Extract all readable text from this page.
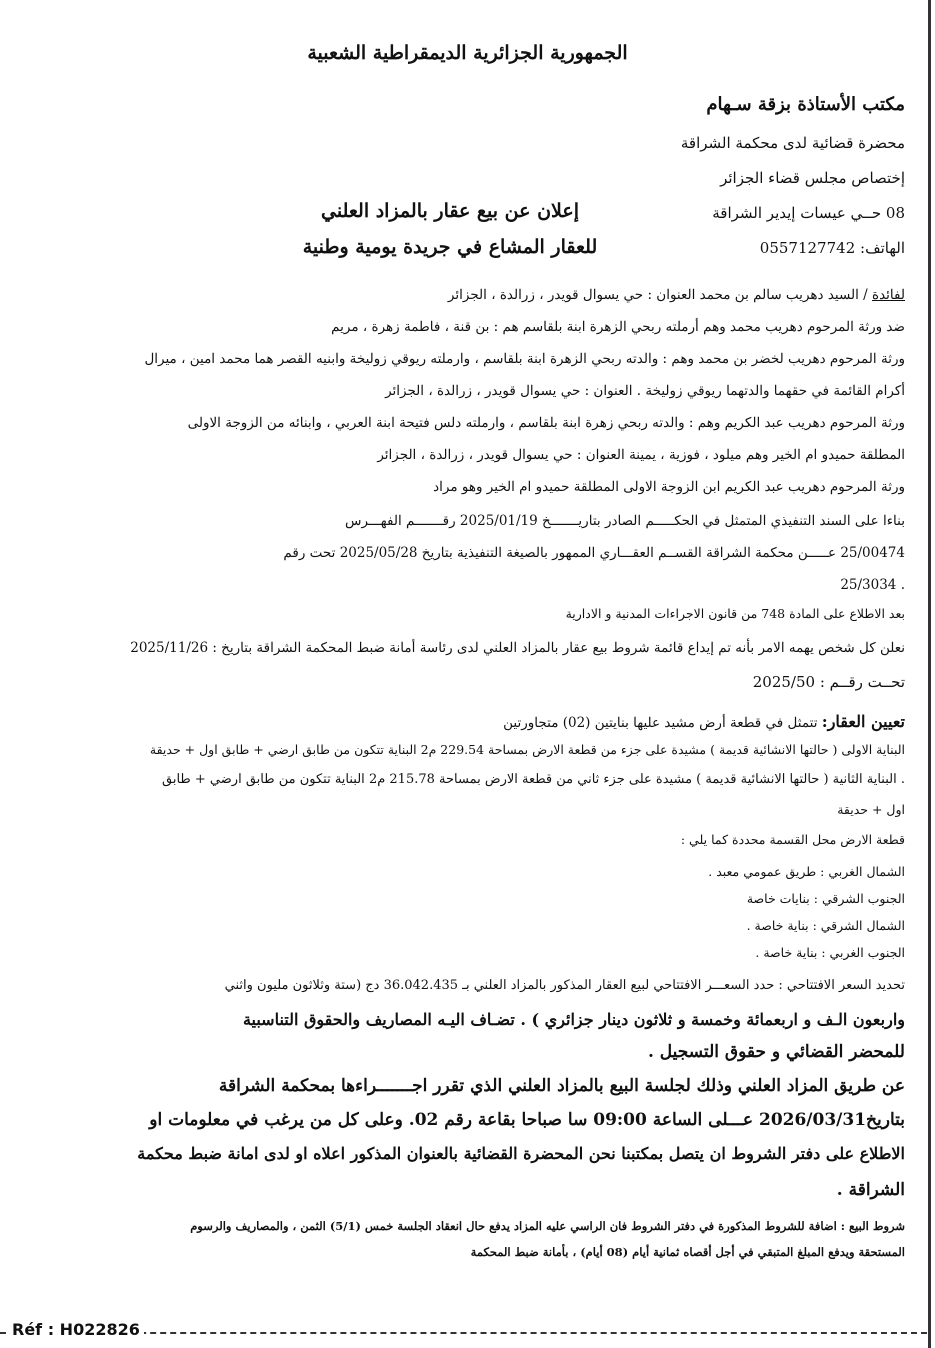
الجمهورية الجزائرية الديمقراطية الشعبية
مكتب الأستاذة بزقة سـهام
محضرة قضائية لدى محكمة الشراقة
إختصاص مجلس قضاء الجزائر
08 حــي عيسات إيدير الشراقة
الهاتف: 0557127742
إعلان عن بيع عقار بالمزاد العلني
للعقار المشاع في جريدة يومية وطنية
لفائدة / السيد دهريب سالم بن محمد العنوان : حي يسوال قويدر ، زرالدة ، الجزائر
ضد ورثة المرحوم دهريب محمد وهم أرملته ربحي الزهرة ابنة بلقاسم هم : بن قنة ، فاطمة زهرة ، مريم
ورثة المرحوم دهريب لخضر بن محمد وهم : والدته ربحي الزهرة ابنة بلقاسم ، وارملته ريوقي زوليخة وابنيه القصر هما محمد امين ، ميرال
أكرام القائمة في حقهما والدتهما ريوقي زوليخة . العنوان : حي يسوال قويدر ، زرالدة ، الجزائر
ورثة المرحوم دهريب عبد الكريم وهم : والدته ربحي زهرة ابنة بلقاسم ، وارملته دلس فتيحة ابنة العربي ، وابنائه من الزوجة الاولى
المطلقة حميدو ام الخير وهم ميلود ، فوزية ، يمينة العنوان : حي يسوال قويدر ، زرالدة ، الجزائر
ورثة المرحوم دهريب عبد الكريم ابن الزوجة الاولى المطلقة حميدو ام الخير وهو مراد
بناءا على السند التنفيذي المتمثل في الحكـــــم الصادر بتاريـــــــخ 2025/01/19 رقـــــــم الفهـــرس
25/00474 عـــــن محكمة الشراقة القســم العقـــاري الممهور بالصيغة التنفيذية بتاريخ 2025/05/28 تحت رقم
. 25/3034
بعد الاطلاع على المادة 748 من قانون الاجراءات المدنية و الادارية
نعلن كل شخص يهمه الامر بأنه تم إيداع قائمة شروط بيع عقار بالمزاد العلني لدى رئاسة أمانة ضبط المحكمة الشراقة بتاريخ : 2025/11/26
تحــت رقــم : 2025/50
تعيين العقار: تتمثل في قطعة أرض مشيد عليها بنايتين (02) متجاورتين
البناية الاولى ( حالتها الانشائية قديمة ) مشيدة على جزء من قطعة الارض بمساحة 229.54 م2 البناية تتكون من طابق ارضي + طابق اول + حديقة
. البناية الثانية ( حالتها الانشائية قديمة ) مشيدة على جزء ثاني من قطعة الارض بمساحة 215.78 م2 البناية تتكون من طابق ارضي + طابق
اول + حديقة
قطعة الارض محل القسمة محددة كما يلي :
الشمال الغربي : طريق عمومي معبد .
الجنوب الشرقي : بنايات خاصة
الشمال الشرقي : بناية خاصة .
الجنوب الغربي : بناية خاصة .
تحديد السعر الافتتاحي : حدد السعـــر الافتتاحي لبيع العقار المذكور بالمزاد العلني بـ 36.042.435 دج (ستة وثلاثون مليون واثني
واربعون الـف و اربعمائة وخمسة و ثلاثون دينار جزائري ) . تضـاف اليـه المصاريف والحقوق التناسبية
للمحضر القضائي و حقوق التسجيل .
عن طريق المزاد العلني وذلك لجلسة البيع بالمزاد العلني الذي تقرر اجـــــــراءها بمحكمة الشراقة
بتاريخ2026/03/31 عـــلى الساعة 09:00 سا صباحا بقاعة رقم 02. وعلى كل من يرغب في معلومات او
الاطلاع على دفتر الشروط ان يتصل بمكتبنا نحن المحضرة القضائية بالعنوان المذكور اعلاه او لدى امانة ضبط محكمة
الشراقة .
شروط البيع : اضافة للشروط المذكورة في دفتر الشروط فان الراسي عليه المزاد يدفع حال انعقاد الجلسة خمس (5/1) الثمن ، والمصاريف والرسوم
المستحقة ويدفع المبلغ المتبقي في أجل أقصاه ثمانية أيام (08 أيام) ، بأمانة ضبط المحكمة
Réf : H022826
